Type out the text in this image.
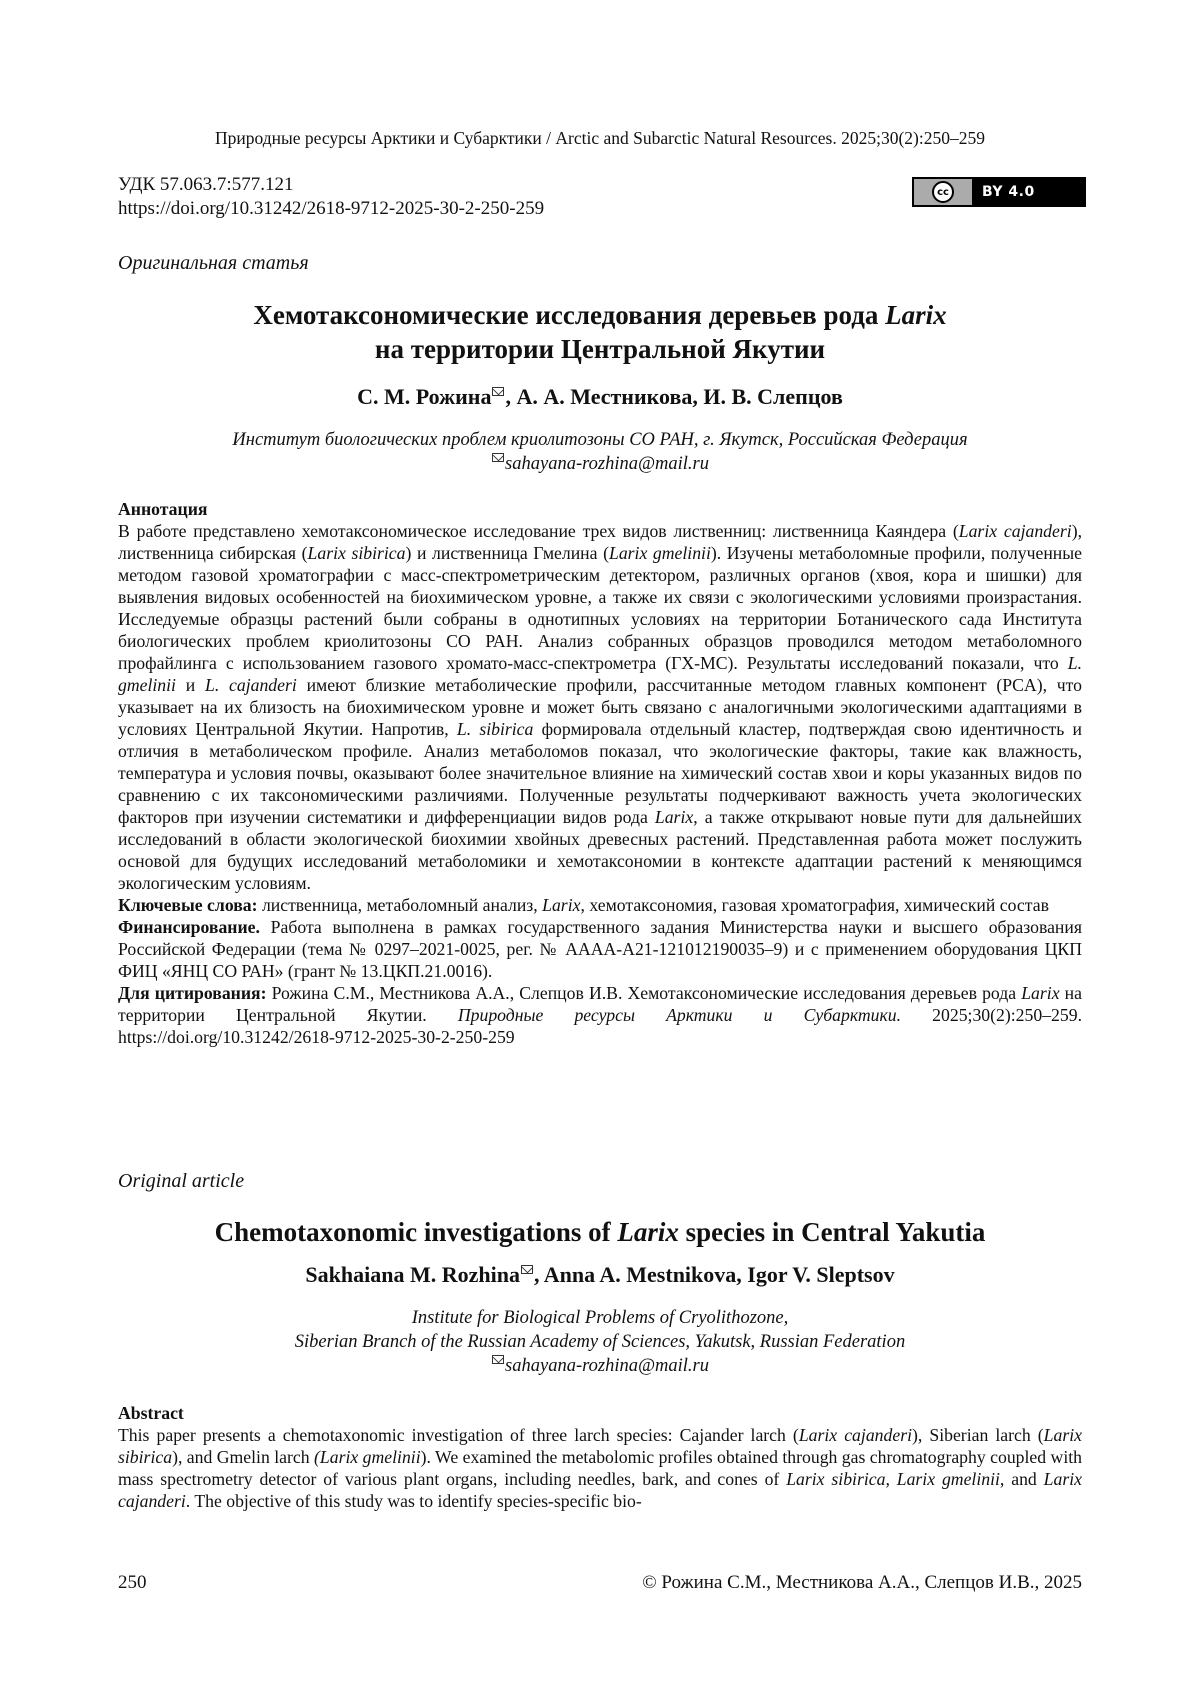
Природные ресурсы Арктики и Субарктики / Arctic and Subarctic Natural Resources. 2025;30(2):250–259
УДК 57.063.7:577.121
https://doi.org/10.31242/2618-9712-2025-30-2-250-259
cc	BY 4.0
Оригинальная статья
Хемотаксономические исследования деревьев рода Larix
на территории Центральной Якутии
С. М. Рожина , А. А. Местникова, И. В. Слепцов
Институт биологических проблем криолитозоны СО РАН, г. Якутск, Российская Федерация
sahayana-rozhina@mail.ru

Аннотация

В работе представлено хемотаксономическое исследование трех видов лиственниц: лиственница Каяндера (Larix cajanderi), лиственница сибирская (Larix sibirica) и лиственница Гмелина (Larix gmelinii). Изучены метаболомные профили, полученные методом газовой хроматографии с масс-спектрометрическим детектором, различных органов (хвоя, кора и шишки) для выявления видовых особенностей на биохимическом уровне, а также их связи с экологическими условиями произрастания. Исследуемые образцы растений были собраны в однотипных условиях на территории Ботанического сада Института биологических проблем криолитозоны СО РАН. Анализ собранных образцов проводился методом метаболомного профайлинга с использованием газового хромато-масс-спектрометра (ГХ-МС). Результаты исследований показали, что L. gmelinii и L. cajanderi имеют близкие метаболические профили, рассчитанные методом главных компонент (PCA), что указывает на их близость на биохимическом уровне и может быть связано с аналогичными экологическими адаптациями в условиях Центральной Якутии. Напротив, L. sibirica формировала отдельный кластер, подтверждая свою идентичность и отличия в метаболическом профиле. Анализ метаболомов показал, что экологические факторы, такие как влажность, температура и условия почвы, оказывают более значительное влияние на химический состав хвои и коры указанных видов по сравнению с их таксономическими различиями. Полученные результаты подчеркивают важность учета экологических факторов при изучении систематики и дифференциации видов рода Larix, а также открывают новые пути для дальнейших исследований в области экологической биохимии хвойных древесных растений. Представленная работа может послужить основой для будущих исследований метаболомики и хемотаксономии в контексте адаптации растений к меняющимся экологическим условиям.

Ключевые слова: лиственница, метаболомный анализ, Larix, хемотаксономия, газовая хроматография, химический состав

Финансирование. Работа выполнена в рамках государственного задания Министерства науки и высшего образования Российской Федерации (тема № 0297–2021-0025, рег. № АААА-А21-121012190035–9) и с применением оборудования ЦКП ФИЦ «ЯНЦ СО РАН» (грант № 13.ЦКП.21.0016).

Для цитирования: Рожина С.М., Местникова А.А., Слепцов И.В. Хемотаксономические исследования деревьев рода Larix на территории Центральной Якутии. Природные ресурсы Арктики и Субарктики. 2025;30(2):250–259. https://doi.org/10.31242/2618-9712-2025-30-2-250-259

Original article
Chemotaxonomic investigations of Larix species in Central Yakutia
Sakhaiana M. Rozhina , Anna A. Mestnikova, Igor V. Sleptsov
Institute for Biological Problems of Cryolithozone,
Siberian Branch of the Russian Academy of Sciences, Yakutsk, Russian Federation
sahayana-rozhina@mail.ru

Abstract

This paper presents a chemotaxonomic investigation of three larch species: Cajander larch (Larix cajanderi), Siberian larch (Larix sibirica), and Gmelin larch (Larix gmelinii). We examined the metabolomic profiles obtained through gas chromatography coupled with mass spectrometry detector of various plant organs, including needles, bark, and cones of Larix sibirica, Larix gmelinii, and Larix cajanderi. The objective of this study was to identify species-specific bio-

250	© Рожина С.М., Местникова А.А., Слепцов И.В., 2025
